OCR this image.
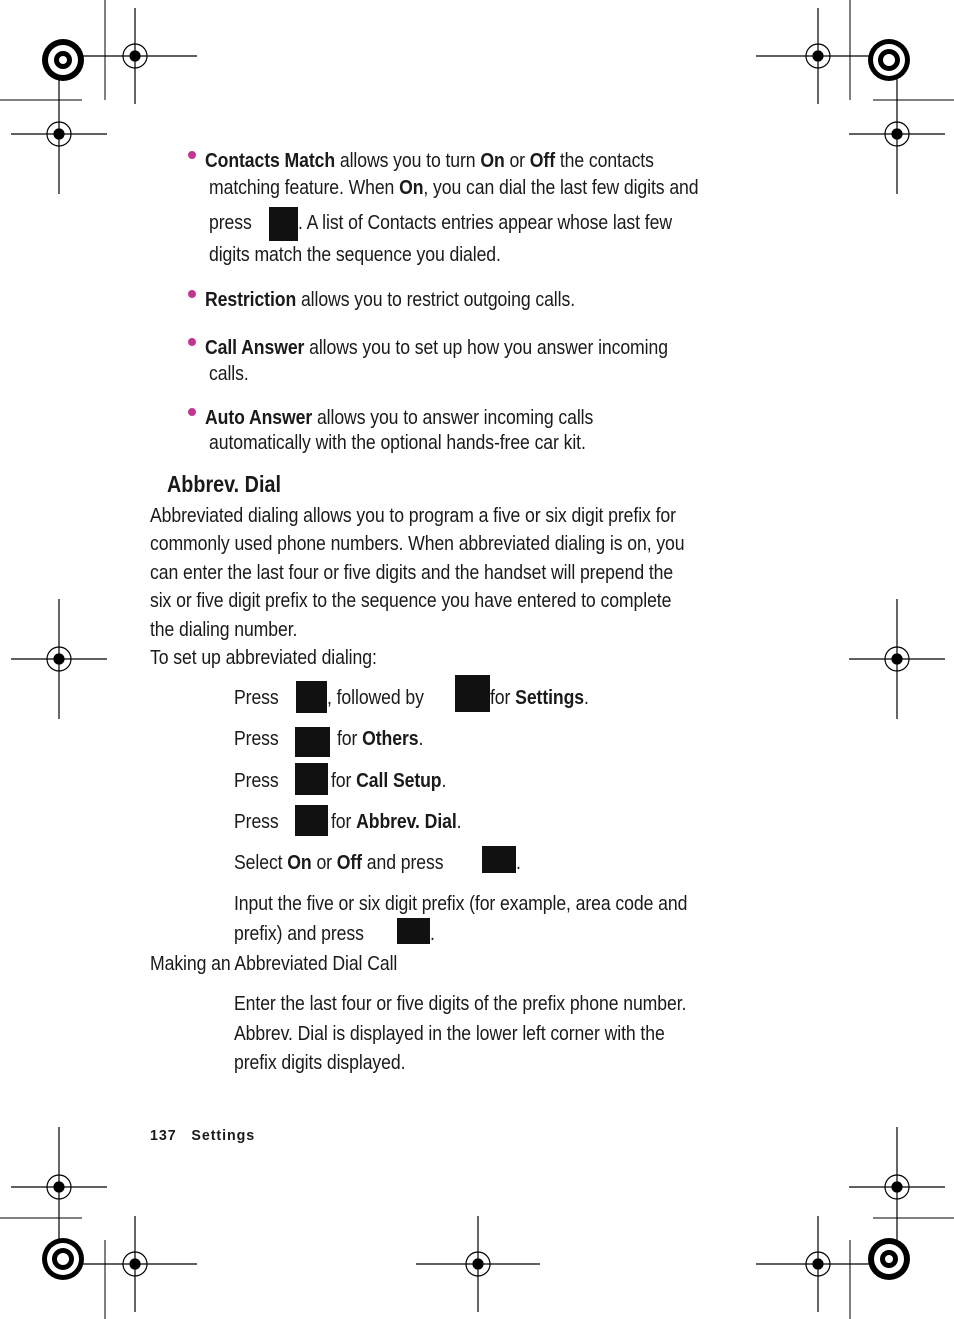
Contacts Match allows you to turn On or Off the contacts
matching feature. When On, you can dial the last few digits and
press . A list of Contacts entries appear whose last few
digits match the sequence you dialed.
Restriction allows you to restrict outgoing calls.
Call Answer allows you to set up how you answer incoming
calls.
Auto Answer allows you to answer incoming calls
automatically with the optional hands-free car kit.
Abbrev. Dial
Abbreviated dialing allows you to program a five or six digit prefix for
commonly used phone numbers. When abbreviated dialing is on, you
can enter the last four or five digits and the handset will prepend the
six or five digit prefix to the sequence you have entered to complete
the dialing number.
To set up abbreviated dialing:
Press , followed by	for Settings.
Press	for Others.
Press	for Call Setup.
Press	for Abbrev. Dial.
Select On or Off and press	.
Input the five or six digit prefix (for example, area code and
prefix) and press	.
Making an Abbreviated Dial Call
Enter the last four or five digits of the prefix phone number.
Abbrev. Dial is displayed in the lower left corner with the
prefix digits displayed.
137 Settings
